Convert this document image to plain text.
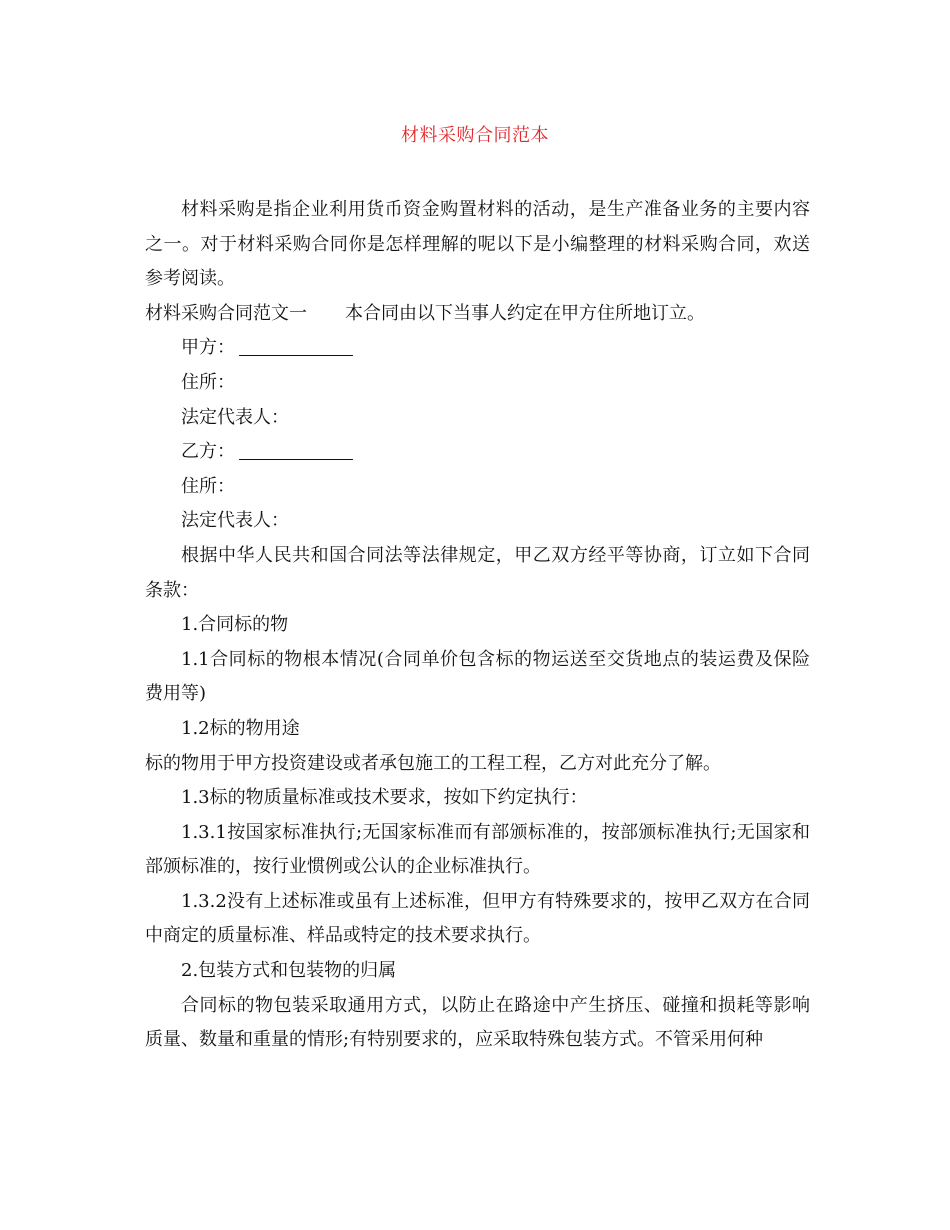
材料采购合同范本

材料采购是指企业利用货币资金购置材料的活动，是生产准备业务的主要内容之一。对于材料采购合同你是怎样理解的呢以下是小编整理的材料采购合同，欢送参考阅读。

材料采购合同范文一 本合同由以下当事人约定在甲方住所地订立。

甲方：

住所：

法定代表人：

乙方：

住所：

法定代表人：

根据中华人民共和国合同法等法律规定，甲乙双方经平等协商，订立如下合同条款：

1.合同标的物

1.1合同标的物根本情况(合同单价包含标的物运送至交货地点的装运费及保险费用等)

1.2标的物用途

标的物用于甲方投资建设或者承包施工的工程工程，乙方对此充分了解。

1.3标的物质量标准或技术要求，按如下约定执行：

1.3.1按国家标准执行;无国家标准而有部颁标准的，按部颁标准执行;无国家和部颁标准的，按行业惯例或公认的企业标准执行。

1.3.2没有上述标准或虽有上述标准，但甲方有特殊要求的，按甲乙双方在合同中商定的质量标准、样品或特定的技术要求执行。

2.包装方式和包装物的归属

合同标的物包装采取通用方式，以防止在路途中产生挤压、碰撞和损耗等影响质量、数量和重量的情形;有特别要求的，应采取特殊包装方式。不管采用何种
